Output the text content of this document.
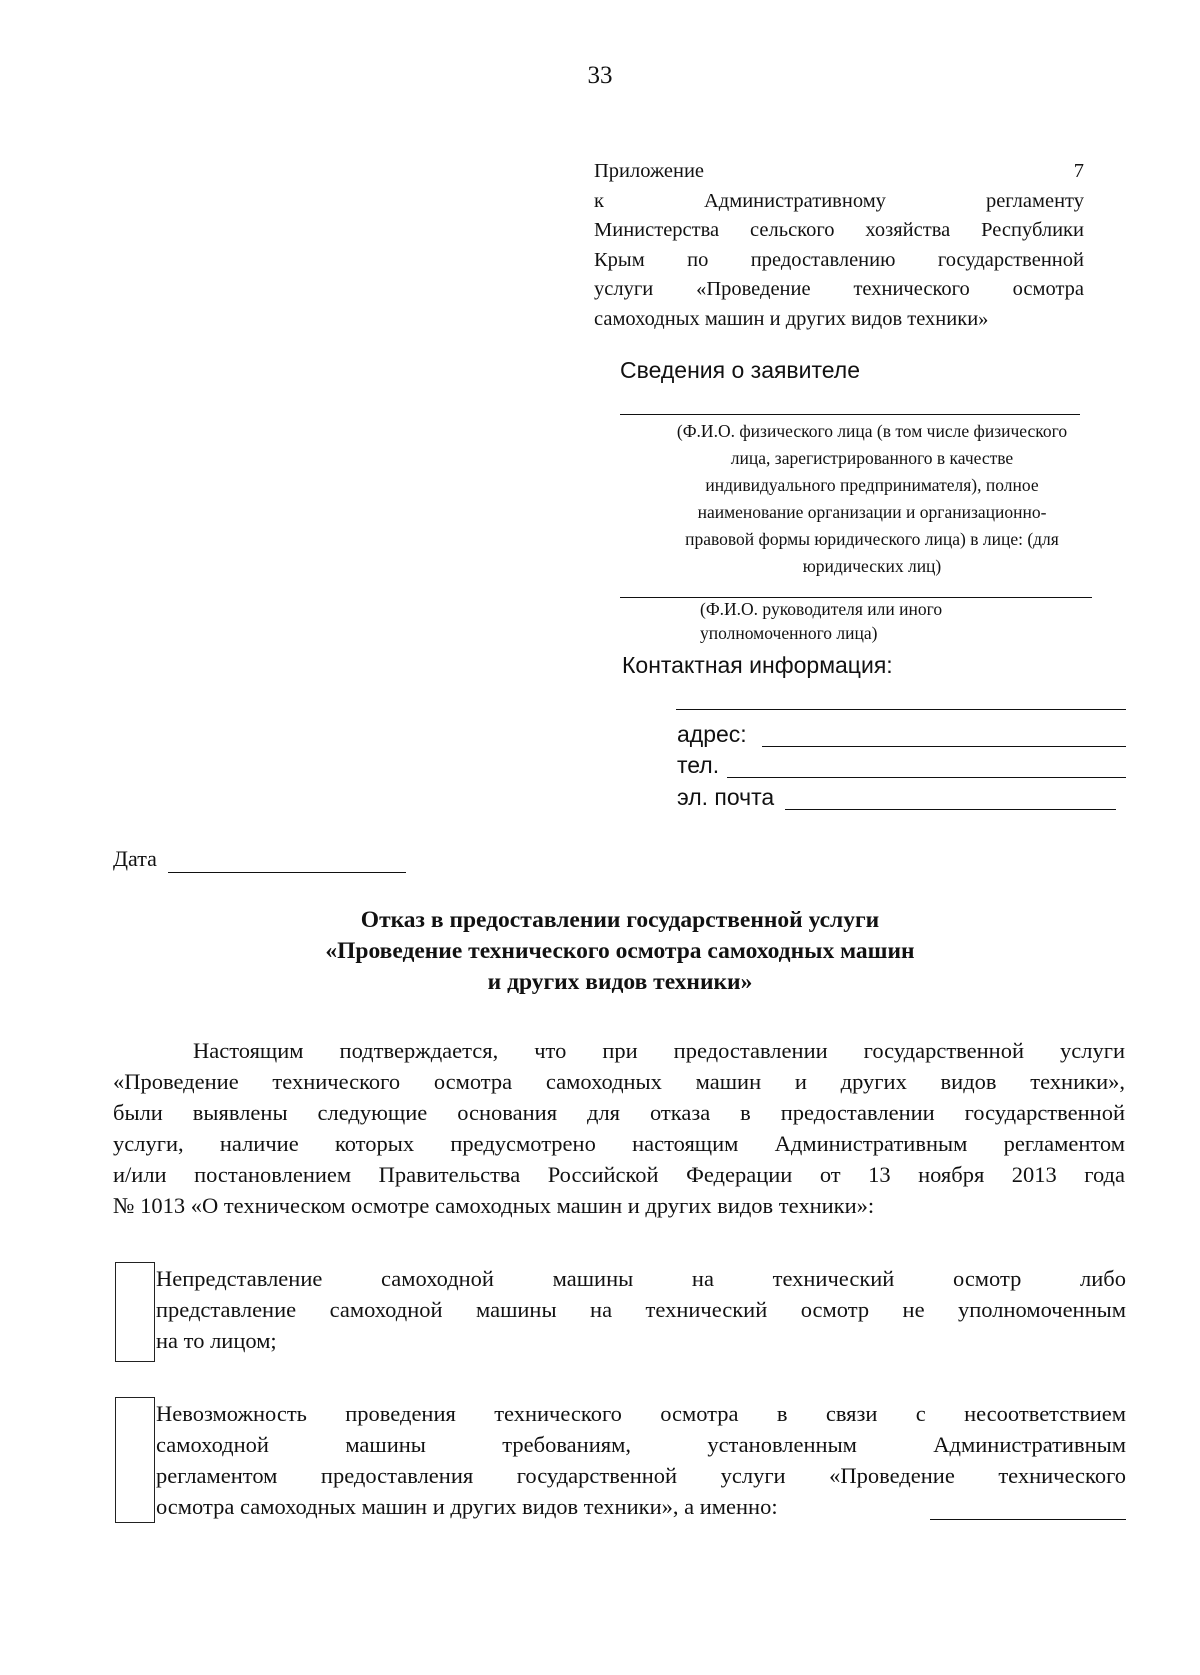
33
Приложение 7
к Административному регламенту
Министерства сельского хозяйства Республики
Крым по предоставлению государственной
услуги «Проведение технического осмотра
самоходных машин и других видов техники»
Сведения о заявителе
(Ф.И.О. физического лица (в том числе физического
лица, зарегистрированного в качестве
индивидуального предпринимателя), полное
наименование организации и организационно-
правовой формы юридического лица) в лице: (для
юридических лиц)
(Ф.И.О. руководителя или иного
уполномоченного лица)
Контактная информация:
адрес:
тел.
эл. почта
Дата
Отказ в предоставлении государственной услуги
«Проведение технического осмотра самоходных машин
и других видов техники»
Настоящим подтверждается, что при предоставлении государственной услуги
«Проведение технического осмотра самоходных машин и других видов техники»,
были выявлены следующие основания для отказа в предоставлении государственной
услуги, наличие которых предусмотрено настоящим Административным регламентом
и/или постановлением Правительства Российской Федерации от 13 ноября 2013 года
№ 1013 «О техническом осмотре самоходных машин и других видов техники»:
Непредставление самоходной машины на технический осмотр либо
представление самоходной машины на технический осмотр не уполномоченным
на то лицом;
Невозможность проведения технического осмотра в связи с несоответствием
самоходной машины требованиям, установленным Административным
регламентом предоставления государственной услуги «Проведение технического
осмотра самоходных машин и других видов техники», а именно:
